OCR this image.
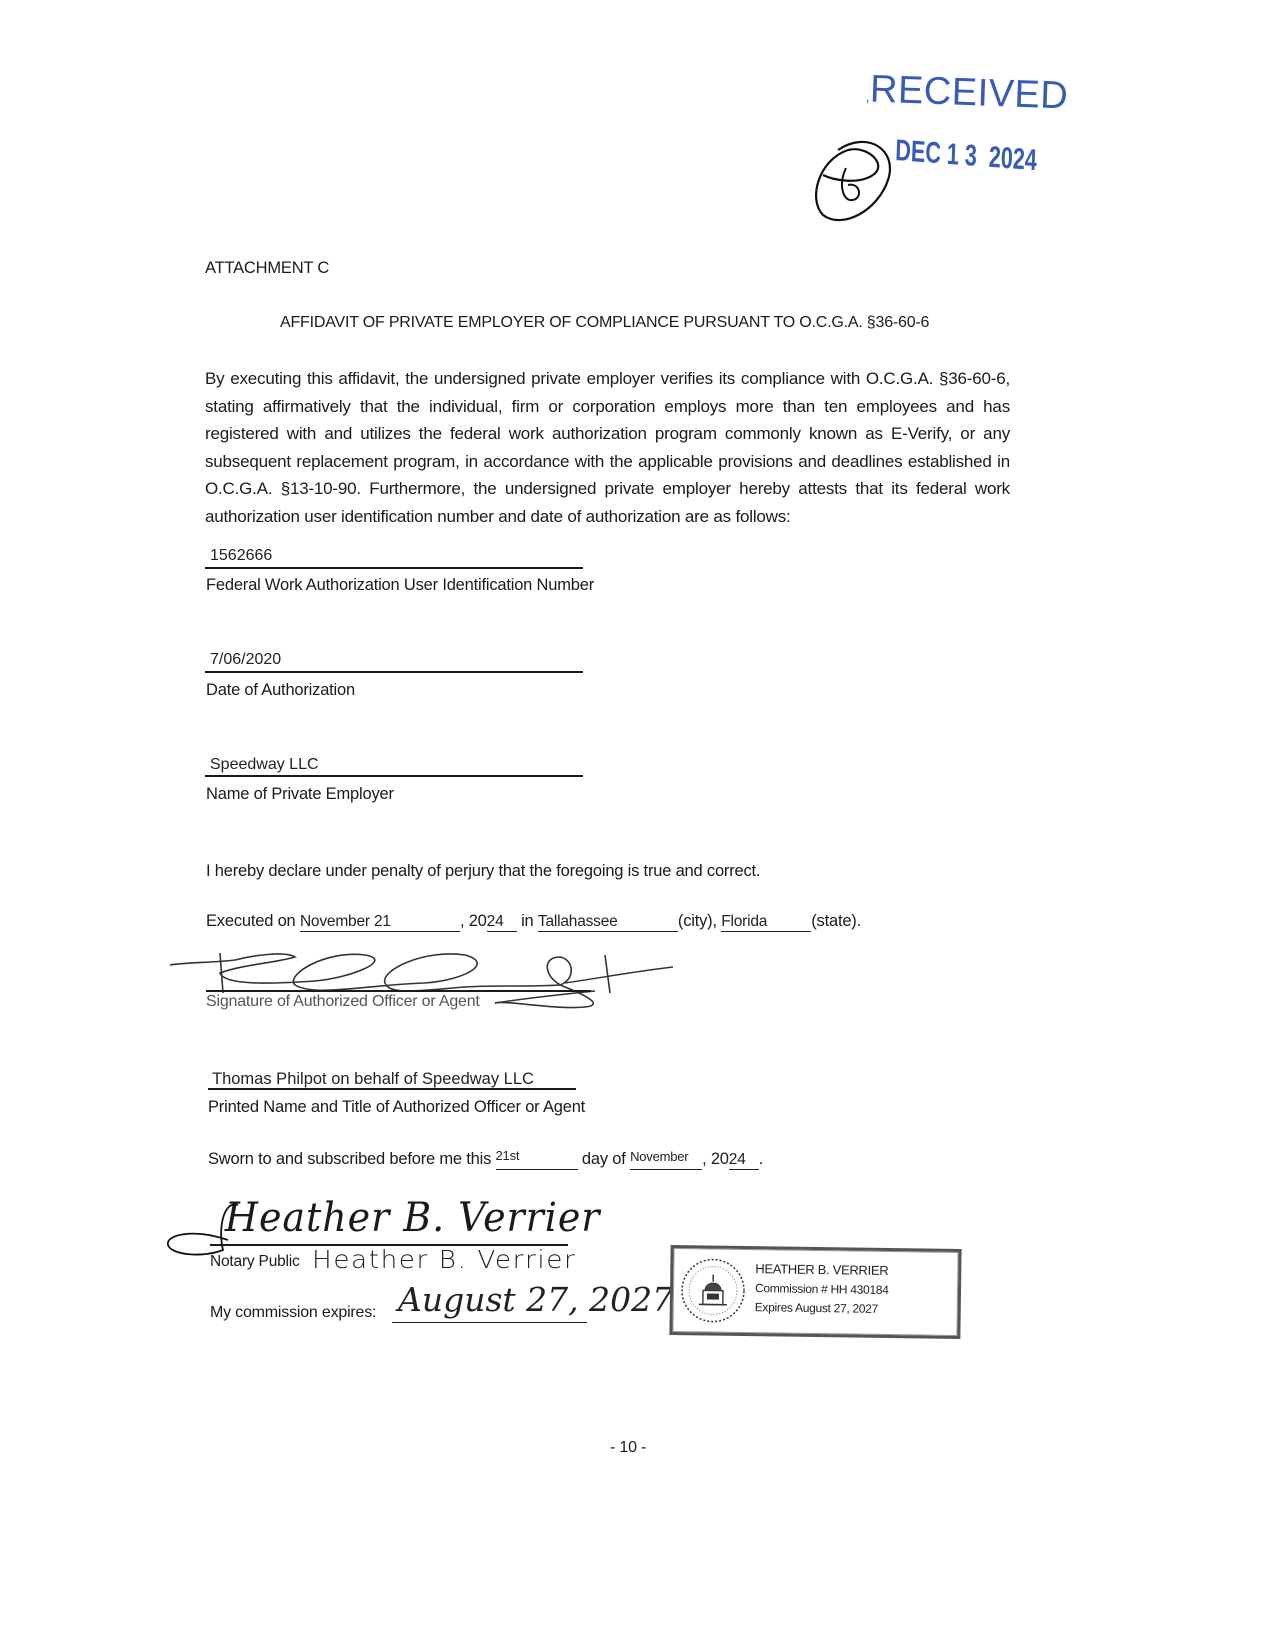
, RECEIVED
DEC 1 3  2024
ATTACHMENT C
AFFIDAVIT OF PRIVATE EMPLOYER OF COMPLIANCE PURSUANT TO O.C.G.A. §36-60-6
By executing this affidavit, the undersigned private employer verifies its compliance with O.C.G.A. §36-60-6, stating affirmatively that the individual, firm or corporation employs more than ten employees and has registered with and utilizes the federal work authorization program commonly known as E-Verify, or any subsequent replacement program, in accordance with the applicable provisions and deadlines established in O.C.G.A. §13-10-90. Furthermore, the undersigned private employer hereby attests that its federal work authorization user identification number and date of authorization are as follows:
1562666
Federal Work Authorization User Identification Number
7/06/2020
Date of Authorization
Speedway LLC
Name of Private Employer
I hereby declare under penalty of perjury that the foregoing is true and correct.
Executed on November 21	, 2024 in Tallahassee	(city), Florida	(state).
Signature of Authorized Officer or Agent
Thomas Philpot on behalf of Speedway LLC
Printed Name and Title of Authorized Officer or Agent
Sworn to and subscribed before me this $^{21st}$	day of November , 2024 .
Heather B. Verrier
Notary Public Heather B. Verrier
My commission expires: August 27, 2027
HEATHER B. VERRIER
Commission # HH 430184
Expires August 27, 2027
- 10 -
